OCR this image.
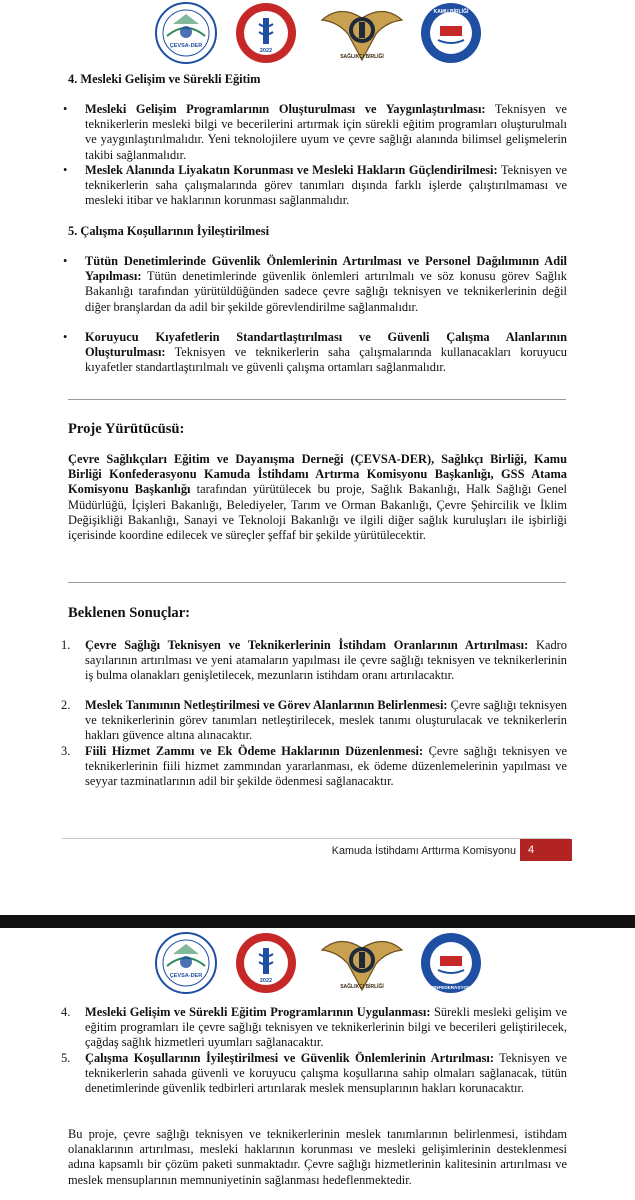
ÇEVSA-DER
2022
SAĞLIKÇI BİRLİĞİ
KAMU BİRLİĞİ
4. Mesleki Gelişim ve Sürekli Eğitim
• Mesleki Gelişim Programlarının Oluşturulması ve Yaygınlaştırılması: Teknisyen ve teknikerlerin mesleki bilgi ve becerilerini artırmak için sürekli eğitim programları oluşturulmalı ve yaygınlaştırılmalıdır. Yeni teknolojilere uyum ve çevre sağlığı alanında bilimsel gelişmelerin takibi sağlanmalıdır.
• Meslek Alanında Liyakatın Korunması ve Mesleki Hakların Güçlendirilmesi: Teknisyen ve teknikerlerin saha çalışmalarında görev tanımları dışında farklı işlerde çalıştırılmaması ve mesleki itibar ve haklarının korunması sağlanmalıdır.
5. Çalışma Koşullarının İyileştirilmesi
• Tütün Denetimlerinde Güvenlik Önlemlerinin Artırılması ve Personel Dağılımının Adil Yapılması: Tütün denetimlerinde güvenlik önlemleri artırılmalı ve söz konusu görev Sağlık Bakanlığı tarafından yürütüldüğünden sadece çevre sağlığı teknisyen ve teknikerlerinin değil diğer branşlardan da adil bir şekilde görevlendirilme sağlanmalıdır.
• Koruyucu Kıyafetlerin Standartlaştırılması ve Güvenli Çalışma Alanlarının Oluşturulması: Teknisyen ve teknikerlerin saha çalışmalarında kullanacakları koruyucu kıyafetler standartlaştırılmalı ve güvenli çalışma ortamları sağlanmalıdır.
Proje Yürütücüsü:
Çevre Sağlıkçıları Eğitim ve Dayanışma Derneği (ÇEVSA-DER), Sağlıkçı Birliği, Kamu Birliği Konfederasyonu Kamuda İstihdamı Artırma Komisyonu Başkanlığı, GSS Atama Komisyonu Başkanlığı tarafından yürütülecek bu proje, Sağlık Bakanlığı, Halk Sağlığı Genel Müdürlüğü, İçişleri Bakanlığı, Belediyeler, Tarım ve Orman Bakanlığı, Çevre Şehircilik ve İklim Değişikliği Bakanlığı, Sanayi ve Teknoloji Bakanlığı ve ilgili diğer sağlık kuruluşları ile işbirliği içerisinde koordine edilecek ve süreçler şeffaf bir şekilde yürütülecektir.
Beklenen Sonuçlar:
1. Çevre Sağlığı Teknisyen ve Teknikerlerinin İstihdam Oranlarının Artırılması: Kadro sayılarının artırılması ve yeni atamaların yapılması ile çevre sağlığı teknisyen ve teknikerlerinin iş bulma olanakları genişletilecek, mezunların istihdam oranı artırılacaktır.
2. Meslek Tanımının Netleştirilmesi ve Görev Alanlarının Belirlenmesi: Çevre sağlığı teknisyen ve teknikerlerinin görev tanımları netleştirilecek, meslek tanımı oluşturulacak ve teknikerlerin hakları güvence altına alınacaktır.
3. Fiili Hizmet Zammı ve Ek Ödeme Haklarının Düzenlenmesi: Çevre sağlığı teknisyen ve teknikerlerinin fiili hizmet zammından yararlanması, ek ödeme düzenlemelerinin yapılması ve seyyar tazminatlarının adil bir şekilde ödenmesi sağlanacaktır.
Kamuda İstihdamı Arttırma Komisyonu	4
ÇEVSA-DER
2022
SAĞLIKÇI BİRLİĞİ	KONFEDERASYONU
4. Mesleki Gelişim ve Sürekli Eğitim Programlarının Uygulanması: Sürekli mesleki gelişim ve eğitim programları ile çevre sağlığı teknisyen ve teknikerlerinin bilgi ve becerileri geliştirilecek, çağdaş sağlık hizmetleri uyumları sağlanacaktır.
5. Çalışma Koşullarının İyileştirilmesi ve Güvenlik Önlemlerinin Artırılması: Teknisyen ve teknikerlerin sahada güvenli ve koruyucu çalışma koşullarına sahip olmaları sağlanacak, tütün denetimlerinde güvenlik tedbirleri artırılarak meslek mensuplarının hakları korunacaktır.
Bu proje, çevre sağlığı teknisyen ve teknikerlerinin meslek tanımlarının belirlenmesi, istihdam olanaklarının artırılması, mesleki haklarının korunması ve mesleki gelişimlerinin desteklenmesi adına kapsamlı bir çözüm paketi sunmaktadır. Çevre sağlığı hizmetlerinin kalitesinin artırılması ve meslek mensuplarının memnuniyetinin sağlanması hedeflenmektedir.
